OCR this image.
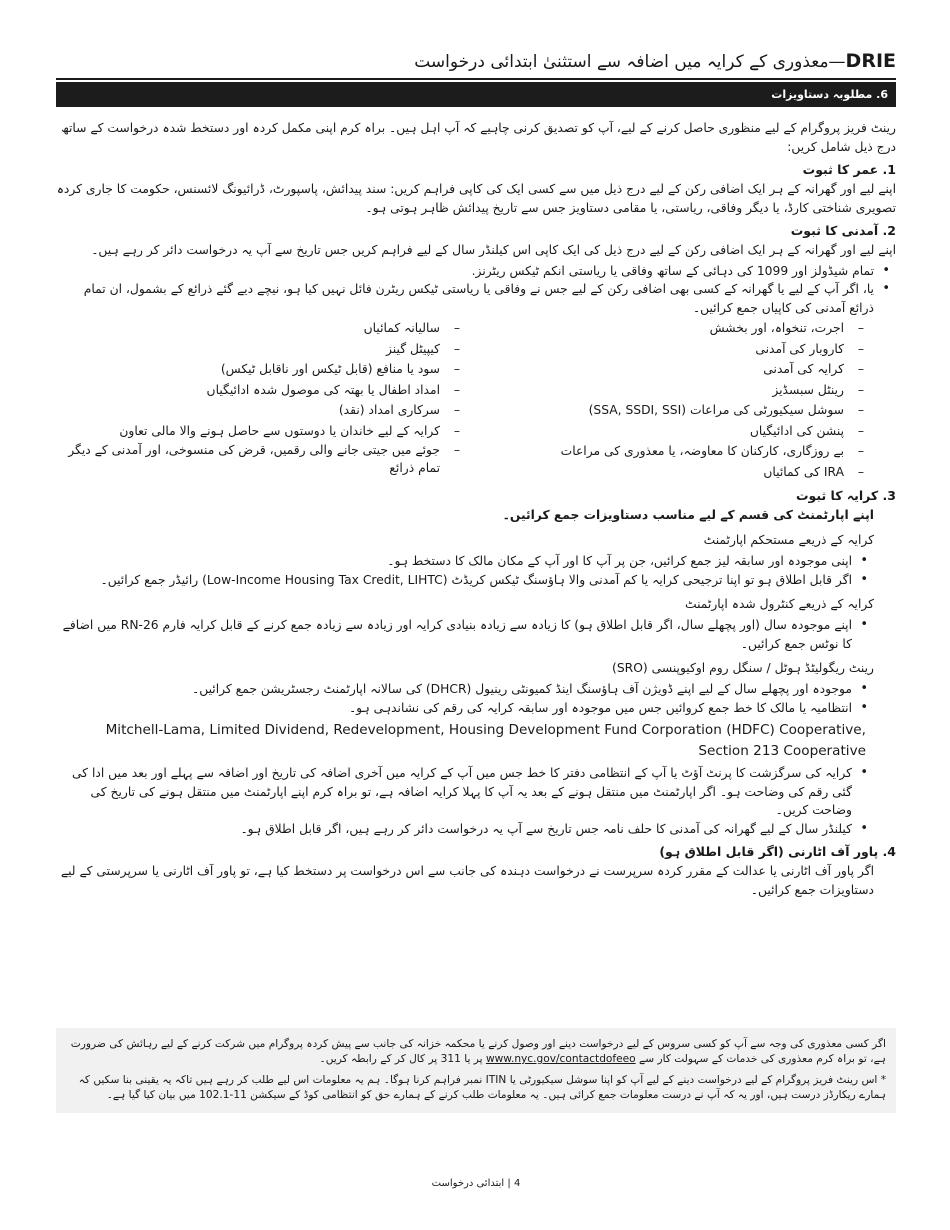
DRIE—معذوری کے کرایہ میں اضافہ سے استثنیٰ ابتدائی درخواست
6. مطلوبہ دستاویزات
رینٹ فریز پروگرام کے لیے منظوری حاصل کرنے کے لیے، آپ کو تصدیق کرنی چاہیے کہ آپ اہل ہیں۔ براہ کرم اپنی مکمل کردہ اور دستخط شدہ درخواست کے ساتھ درج ذیل شامل کریں:
1. عمر کا ثبوت
اپنے لیے اور گھرانہ کے ہر ایک اضافی رکن کے لیے درج ذیل میں سے کسی ایک کی کاپی فراہم کریں: سند پیدائش، پاسپورٹ، ڈرائیونگ لائسنس، حکومت کا جاری کردہ تصویری شناختی کارڈ، یا دیگر وفاقی، ریاستی، یا مقامی دستاویز جس سے تاریخ پیدائش ظاہر ہوتی ہو۔
2. آمدنی کا ثبوت
اپنے لیے اور گھرانہ کے ہر ایک اضافی رکن کے لیے درج ذیل کی ایک کاپی اس کیلنڈر سال کے لیے فراہم کریں جس تاریخ سے آپ یہ درخواست دائر کر رہے ہیں۔
• تمام شیڈولز اور 1099 کی دہائی کے ساتھ وفاقی یا ریاستی انکم ٹیکس ریٹرنز.
• یا، اگر آپ کے لیے یا گھرانہ کے کسی بھی اضافی رکن کے لیے جس نے وفاقی یا ریاستی ٹیکس ریٹرن فائل نہیں کیا ہو، نیچے دیے گئے ذرائع کے بشمول، ان تمام ذرائع آمدنی کی کاپیاں جمع کرائیں۔
– اجرت، تنخواہ، اور بخشش
– کاروبار کی آمدنی
– کرایہ کی آمدنی
– رینٹل سبسڈیز
– سوشل سیکیورٹی کی مراعات (SSA, SSDI, SSI)
– پنشن کی ادائیگیاں
– بے روزگاری، کارکنان کا معاوضہ، یا معذوری کی مراعات
– IRA کی کمائیاں
– سالیانہ کمائیاں
– کیپیٹل گینز
– سود یا منافع (قابل ٹیکس اور ناقابل ٹیکس)
– امداد اطفال یا بھتہ کی موصول شدہ ادائیگیاں
– سرکاری امداد (نقد)
– کرایہ کے لیے خاندان یا دوستوں سے حاصل ہونے والا مالی تعاون
– جوئے میں جیتی جانے والی رقمیں، قرض کی منسوخی، اور آمدنی کے دیگر تمام ذرائع
3. کرایہ کا ثبوت
اپنے اپارٹمنٹ کی قسم کے لیے مناسب دستاویزات جمع کرائیں۔
کرایہ کے ذریعے مستحکم اپارٹمنٹ
• اپنی موجودہ اور سابقہ لیز جمع کرائیں، جن پر آپ کا اور آپ کے مکان مالک کا دستخط ہو۔
• اگر قابل اطلاق ہو تو اپنا ترجیحی کرایہ یا کم آمدنی والا ہاؤسنگ ٹیکس کریڈٹ (Low-Income Housing Tax Credit, LIHTC) رائیڈر جمع کرائیں۔
کرایہ کے ذریعے کنٹرول شدہ اپارٹمنٹ
• اپنے موجودہ سال (اور پچھلے سال، اگر قابل اطلاق ہو) کا زیادہ سے زیادہ بنیادی کرایہ اور زیادہ سے زیادہ جمع کرنے کے قابل کرایہ فارم RN-26 میں اضافے کا نوٹس جمع کرائیں۔
رینٹ ریگولیٹڈ ہوٹل / سنگل روم اوکیوپنسی (SRO)
• موجودہ اور پچھلے سال کے لیے اپنے ڈویژن آف ہاؤسنگ اینڈ کمیونٹی رینیول (DHCR) کی سالانہ اپارٹمنٹ رجسٹریشن جمع کرائیں۔
• انتظامیہ یا مالک کا خط جمع کروائیں جس میں موجودہ اور سابقہ کرایہ کی رقم کی نشاندہی ہو۔
Mitchell-Lama, Limited Dividend, Redevelopment, Housing Development Fund Corporation (HDFC) Cooperative, Section 213 Cooperative
• کرایہ کی سرگزشت کا پرنٹ آؤٹ یا آپ کے انتظامی دفتر کا خط جس میں آپ کے کرایہ میں آخری اضافہ کی تاریخ اور اضافہ سے پہلے اور بعد میں ادا کی گئی رقم کی وضاحت ہو۔ اگر اپارٹمنٹ میں منتقل ہونے کے بعد یہ آپ کا پہلا کرایہ اضافہ ہے، تو براہ کرم اپنے اپارٹمنٹ میں منتقل ہونے کی تاریخ کی وضاحت کریں۔
• کیلنڈر سال کے لیے گھرانہ کی آمدنی کا حلف نامہ جس تاریخ سے آپ یہ درخواست دائر کر رہے ہیں، اگر قابل اطلاق ہو۔
4. پاور آف اٹارنی (اگر قابل اطلاق ہو)
اگر پاور آف اٹارنی یا عدالت کے مقرر کردہ سرپرست نے درخواست دہندہ کی جانب سے اس درخواست پر دستخط کیا ہے، تو پاور آف اٹارنی یا سرپرستی کے لیے دستاویزات جمع کرائیں۔
اگر کسی معذوری کی وجہ سے آپ کو کسی سروس کے لیے درخواست دینے اور وصول کرنے یا محکمہ خزانہ کی جانب سے پیش کردہ پروگرام میں شرکت کرنے کے لیے رہائش کی ضرورت ہے، تو براہ کرم معذوری کی خدمات کے سہولت کار سے www.nyc.gov/contactdofeeo پر یا 311 پر کال کر کے رابطہ کریں۔
* اس رینٹ فریز پروگرام کے لیے درخواست دینے کے لیے آپ کو اپنا سوشل سیکیورٹی یا ITIN نمبر فراہم کرنا ہوگا۔ ہم یہ معلومات اس لیے طلب کر رہے ہیں تاکہ یہ یقینی بنا سکیں کہ ہمارے ریکارڈز درست ہیں، اور یہ کہ آپ نے درست معلومات جمع کرائی ہیں۔ یہ معلومات طلب کرنے کے ہمارے حق کو انتظامی کوڈ کے سیکشن 11-102.1 میں بیان کیا گیا ہے۔
4 | ابتدائی درخواست
